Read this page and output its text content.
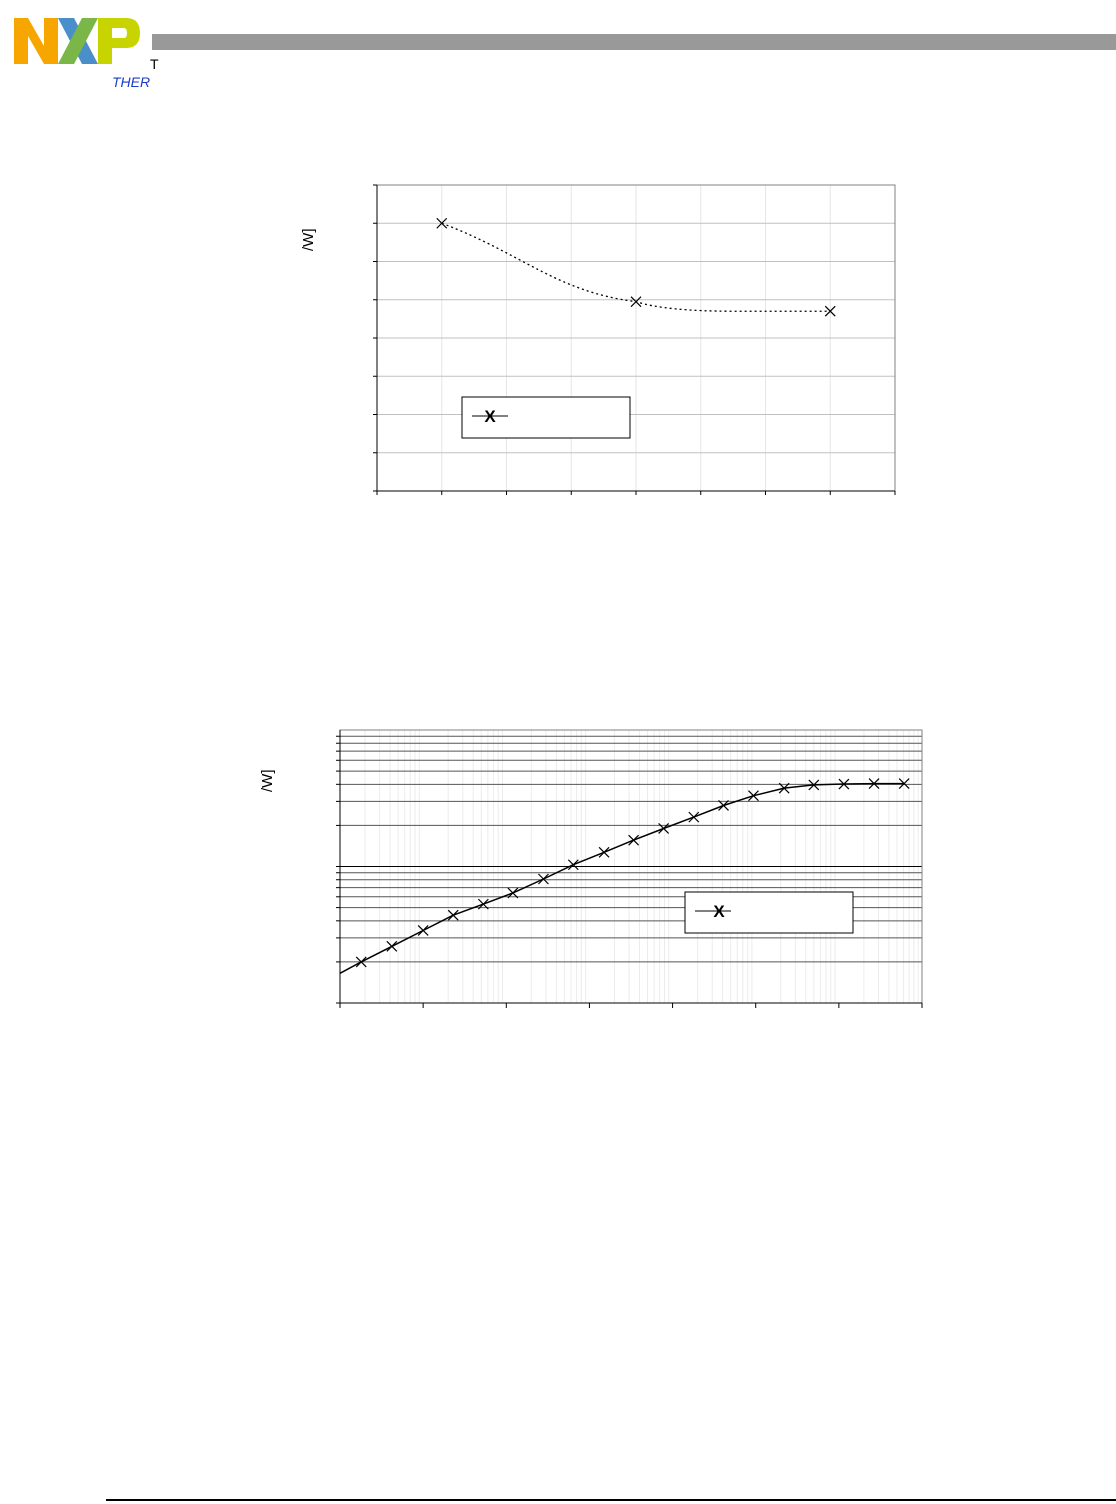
T
THER
/W]
X
/W]
X
